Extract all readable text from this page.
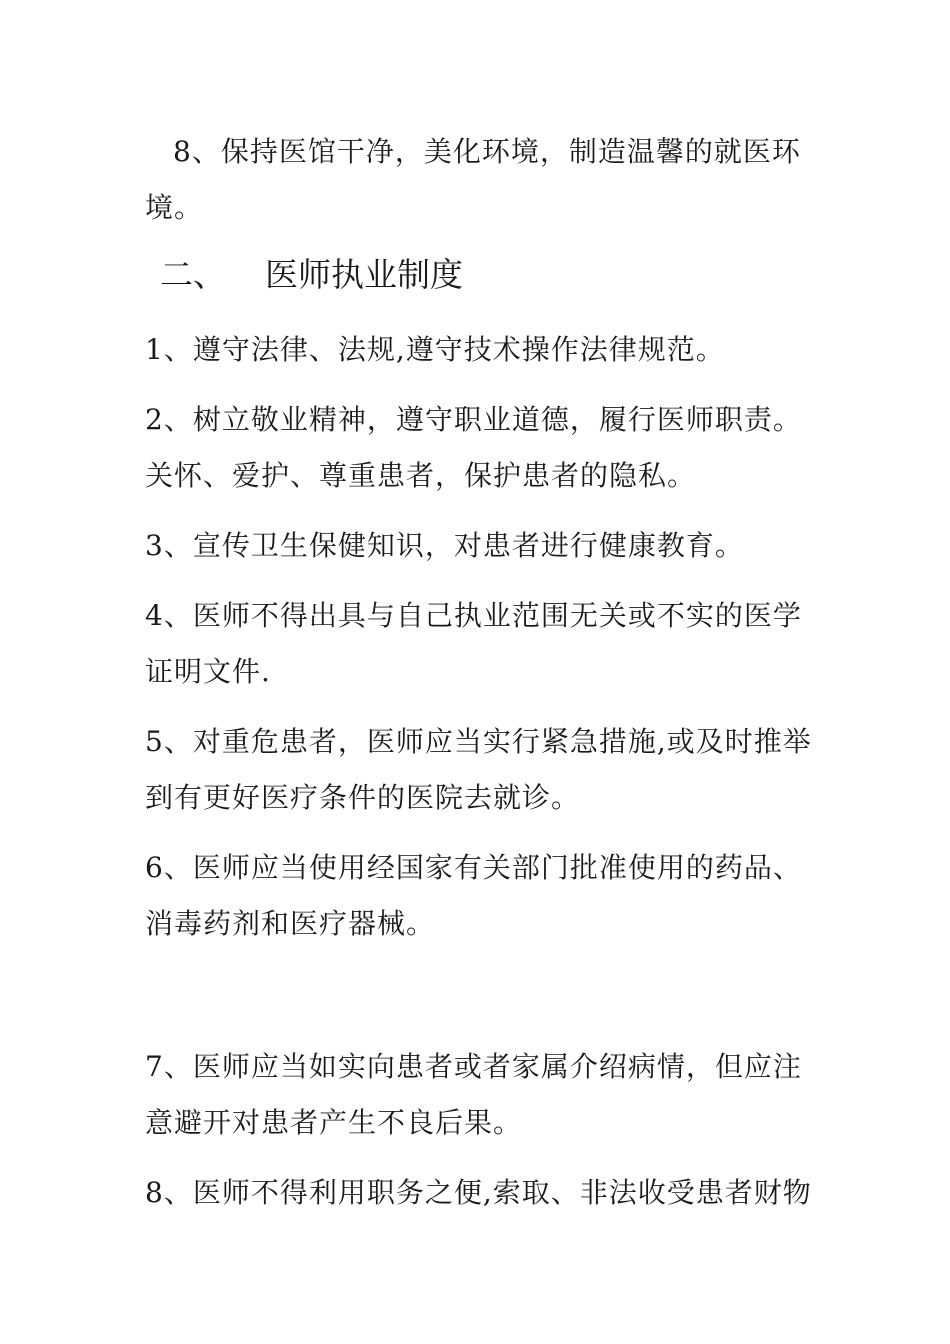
8、保持医馆干净，美化环境，制造温馨的就医环
境。
二、 医师执业制度
1、遵守法律、法规,遵守技术操作法律规范。
2、树立敬业精神，遵守职业道德，履行医师职责。
关怀、爱护、尊重患者，保护患者的隐私。
3、宣传卫生保健知识，对患者进行健康教育。
4、医师不得出具与自己执业范围无关或不实的医学
证明文件.
5、对重危患者，医师应当实行紧急措施,或及时推举
到有更好医疗条件的医院去就诊。
6、医师应当使用经国家有关部门批准使用的药品、
消毒药剂和医疗器械。
7、医师应当如实向患者或者家属介绍病情，但应注
意避开对患者产生不良后果。
8、医师不得利用职务之便,索取、非法收受患者财物
